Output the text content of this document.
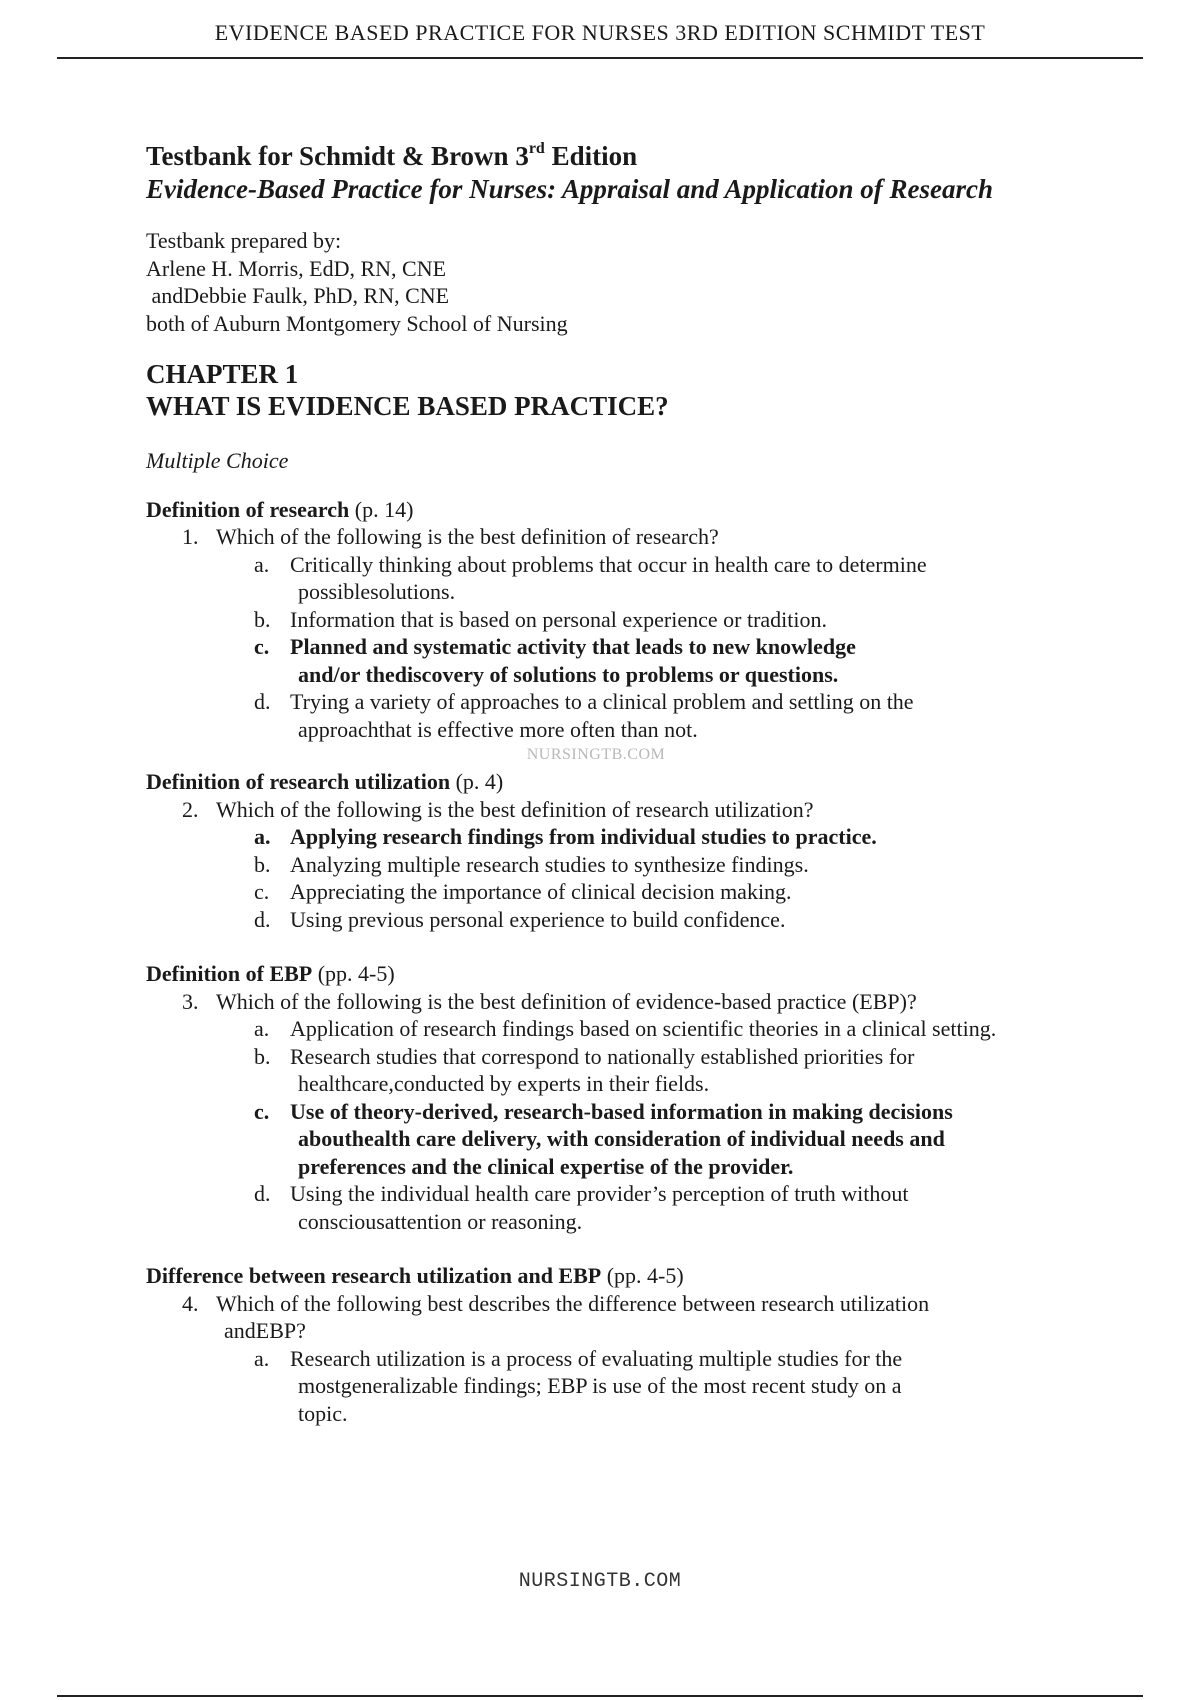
EVIDENCE BASED PRACTICE FOR NURSES 3RD EDITION SCHMIDT TEST
Testbank for Schmidt & Brown 3rd Edition
Evidence-Based Practice for Nurses: Appraisal and Application of Research
Testbank prepared by:
Arlene H. Morris, EdD, RN, CNE
andDebbie Faulk, PhD, RN, CNE
both of Auburn Montgomery School of Nursing
CHAPTER 1
WHAT IS EVIDENCE BASED PRACTICE?
Multiple Choice
Definition of research (p. 14)
1. Which of the following is the best definition of research?
a. Critically thinking about problems that occur in health care to determine
possiblesolutions.
b. Information that is based on personal experience or tradition.
c. Planned and systematic activity that leads to new knowledge
and/or thediscovery of solutions to problems or questions.
d. Trying a variety of approaches to a clinical problem and settling on the
approachthat is effective more often than not.
NURSINGTB.COM
Definition of research utilization (p. 4)
2. Which of the following is the best definition of research utilization?
a. Applying research findings from individual studies to practice.
b. Analyzing multiple research studies to synthesize findings.
c. Appreciating the importance of clinical decision making.
d. Using previous personal experience to build confidence.
Definition of EBP (pp. 4-5)
3. Which of the following is the best definition of evidence-based practice (EBP)?
a. Application of research findings based on scientific theories in a clinical setting.
b. Research studies that correspond to nationally established priorities for
healthcare,conducted by experts in their fields.
c. Use of theory-derived, research-based information in making decisions
abouthealth care delivery, with consideration of individual needs and
preferences and the clinical expertise of the provider.
d. Using the individual health care provider’s perception of truth without
consciousattention or reasoning.
Difference between research utilization and EBP (pp. 4-5)
4. Which of the following best describes the difference between research utilization
andEBP?
a. Research utilization is a process of evaluating multiple studies for the
mostgeneralizable findings; EBP is use of the most recent study on a
topic.
NURSINGTB.COM
